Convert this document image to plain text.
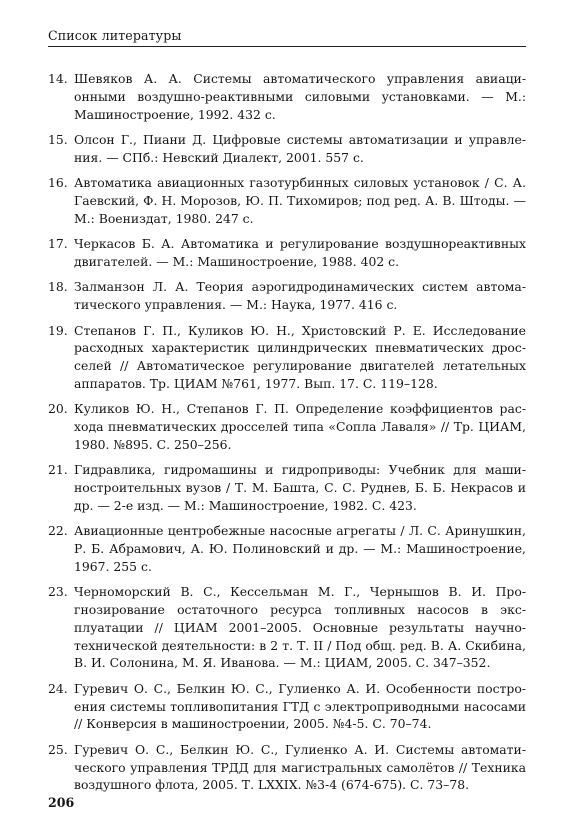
Список литературы
14. Шевяков А. А. Системы автоматического управления авиационными воздушно-реактивными силовыми установками. — М.: Машиностроение, 1992. 432 с.
15. Олсон Г., Пиани Д. Цифровые системы автоматизации и управления. — СПб.: Невский Диалект, 2001. 557 с.
16. Автоматика авиационных газотурбинных силовых установок / С. А. Гаевский, Ф. Н. Морозов, Ю. П. Тихомиров; под ред. А. В. Штоды. — М.: Воениздат, 1980. 247 с.
17. Черкасов Б. А. Автоматика и регулирование воздушнореактивных двигателей. — М.: Машиностроение, 1988. 402 с.
18. Залманзон Л. А. Теория аэрогидродинамических систем автоматического управления. — М.: Наука, 1977. 416 с.
19. Степанов Г. П., Куликов Ю. Н., Христовский Р. Е. Исследование расходных характеристик цилиндрических пневматических дросселей // Автоматическое регулирование двигателей летательных аппаратов. Тр. ЦИАМ №761, 1977. Вып. 17. С. 119–128.
20. Куликов Ю. Н., Степанов Г. П. Определение коэффициентов расхода пневматических дросселей типа «Сопла Лаваля» // Тр. ЦИАМ, 1980. №895. С. 250–256.
21. Гидравлика, гидромашины и гидроприводы: Учебник для машиностроительных вузов / Т. М. Башта, С. С. Руднев, Б. Б. Некрасов и др. — 2-е изд. — М.: Машиностроение, 1982. С. 423.
22. Авиационные центробежные насосные агрегаты / Л. С. Аринушкин, Р. Б. Абрамович, А. Ю. Полиновский и др. — М.: Машиностроение, 1967. 255 с.
23. Черноморский В. С., Кессельман М. Г., Чернышов В. И. Прогнозирование остаточного ресурса топливных насосов в эксплуатации // ЦИАМ 2001–2005. Основные результаты научнотехнической деятельности: в 2 т. Т. II / Под общ. ред. В. А. Скибина, В. И. Солонина, М. Я. Иванова. — М.: ЦИАМ, 2005. С. 347–352.
24. Гуревич О. С., Белкин Ю. С., Гулиенко А. И. Особенности построения системы топливопитания ГТД с электроприводными насосами // Конверсия в машиностроении, 2005. №4-5. С. 70–74.
25. Гуревич О. С., Белкин Ю. С., Гулиенко А. И. Системы автоматического управления ТРДД для магистральных самолётов // Техника воздушного флота, 2005. Т. LXXIX. №3-4 (674-675). С. 73–78.
206
